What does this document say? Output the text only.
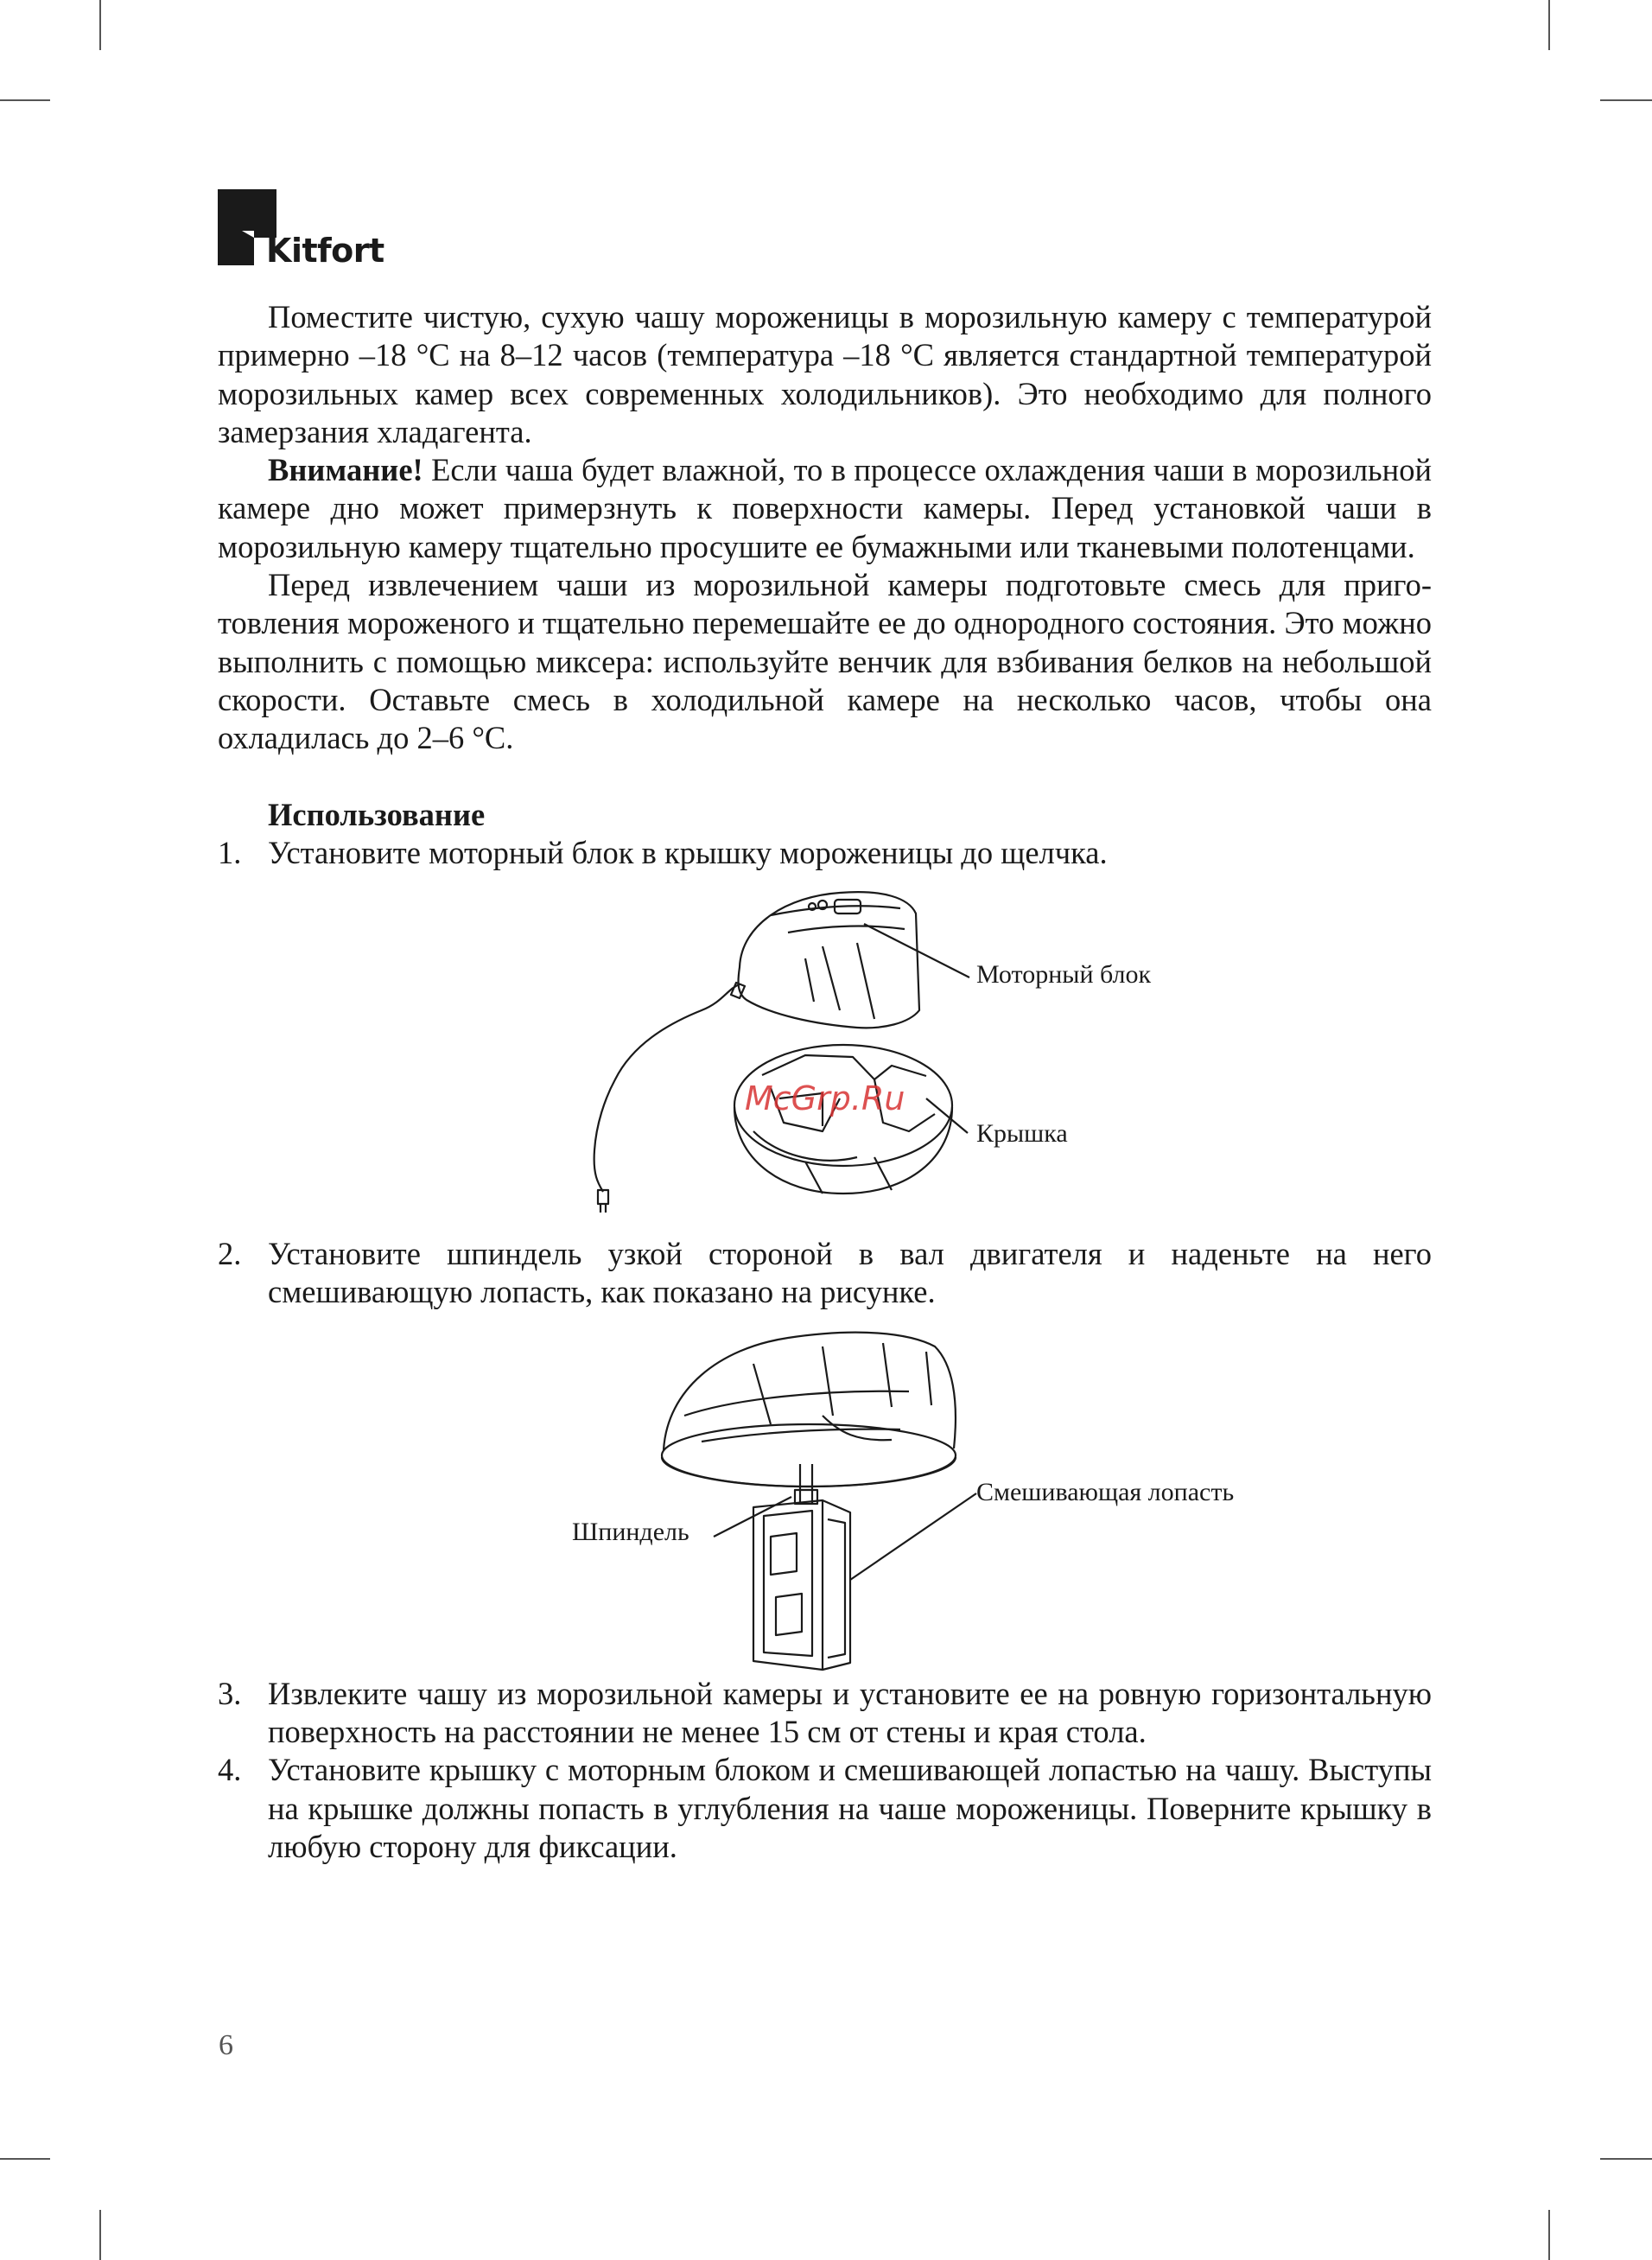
Kitfort

Поместите чистую, сухую чашу мороженицы в морозильную камеру с температурой примерно –18 °C на 8–12 часов (температура –18 °C является стандартной температурой морозильных камер всех современных холодильников). Это необходимо для полного замерзания хладагента.

Внимание! Если чаша будет влажной, то в процессе охлаждения чаши в морозильной камере дно может примерзнуть к поверхности камеры. Перед установкой чаши в морозильную камеру тщательно просушите ее бумажными или тканевыми полотенцами.

Перед извлечением чаши из морозильной камеры подготовьте смесь для приготовления мороженого и тщательно перемешайте ее до однородного состояния. Это можно выполнить с помощью миксера: используйте венчик для взбивания белков на небольшой скорости. Оставьте смесь в холодильной камере на несколько часов, чтобы она охладилась до 2–6 °C.

Использование
1. Установите моторный блок в крышку мороженицы до щелчка.
Моторный блок
Крышка
McGrp.Ru
2. Установите шпиндель узкой стороной в вал двигателя и наденьте на него смешивающую лопасть, как показано на рисунке.
Смешивающая лопасть
Шпиндель
3. Извлеките чашу из морозильной камеры и установите ее на ровную горизонтальную поверхность на расстоянии не менее 15 см от стены и края стола.
4. Установите крышку с моторным блоком и смешивающей лопастью на чашу. Выступы на крышке должны попасть в углубления на чаше мороженицы. Поверните крышку в любую сторону для фиксации.
6
